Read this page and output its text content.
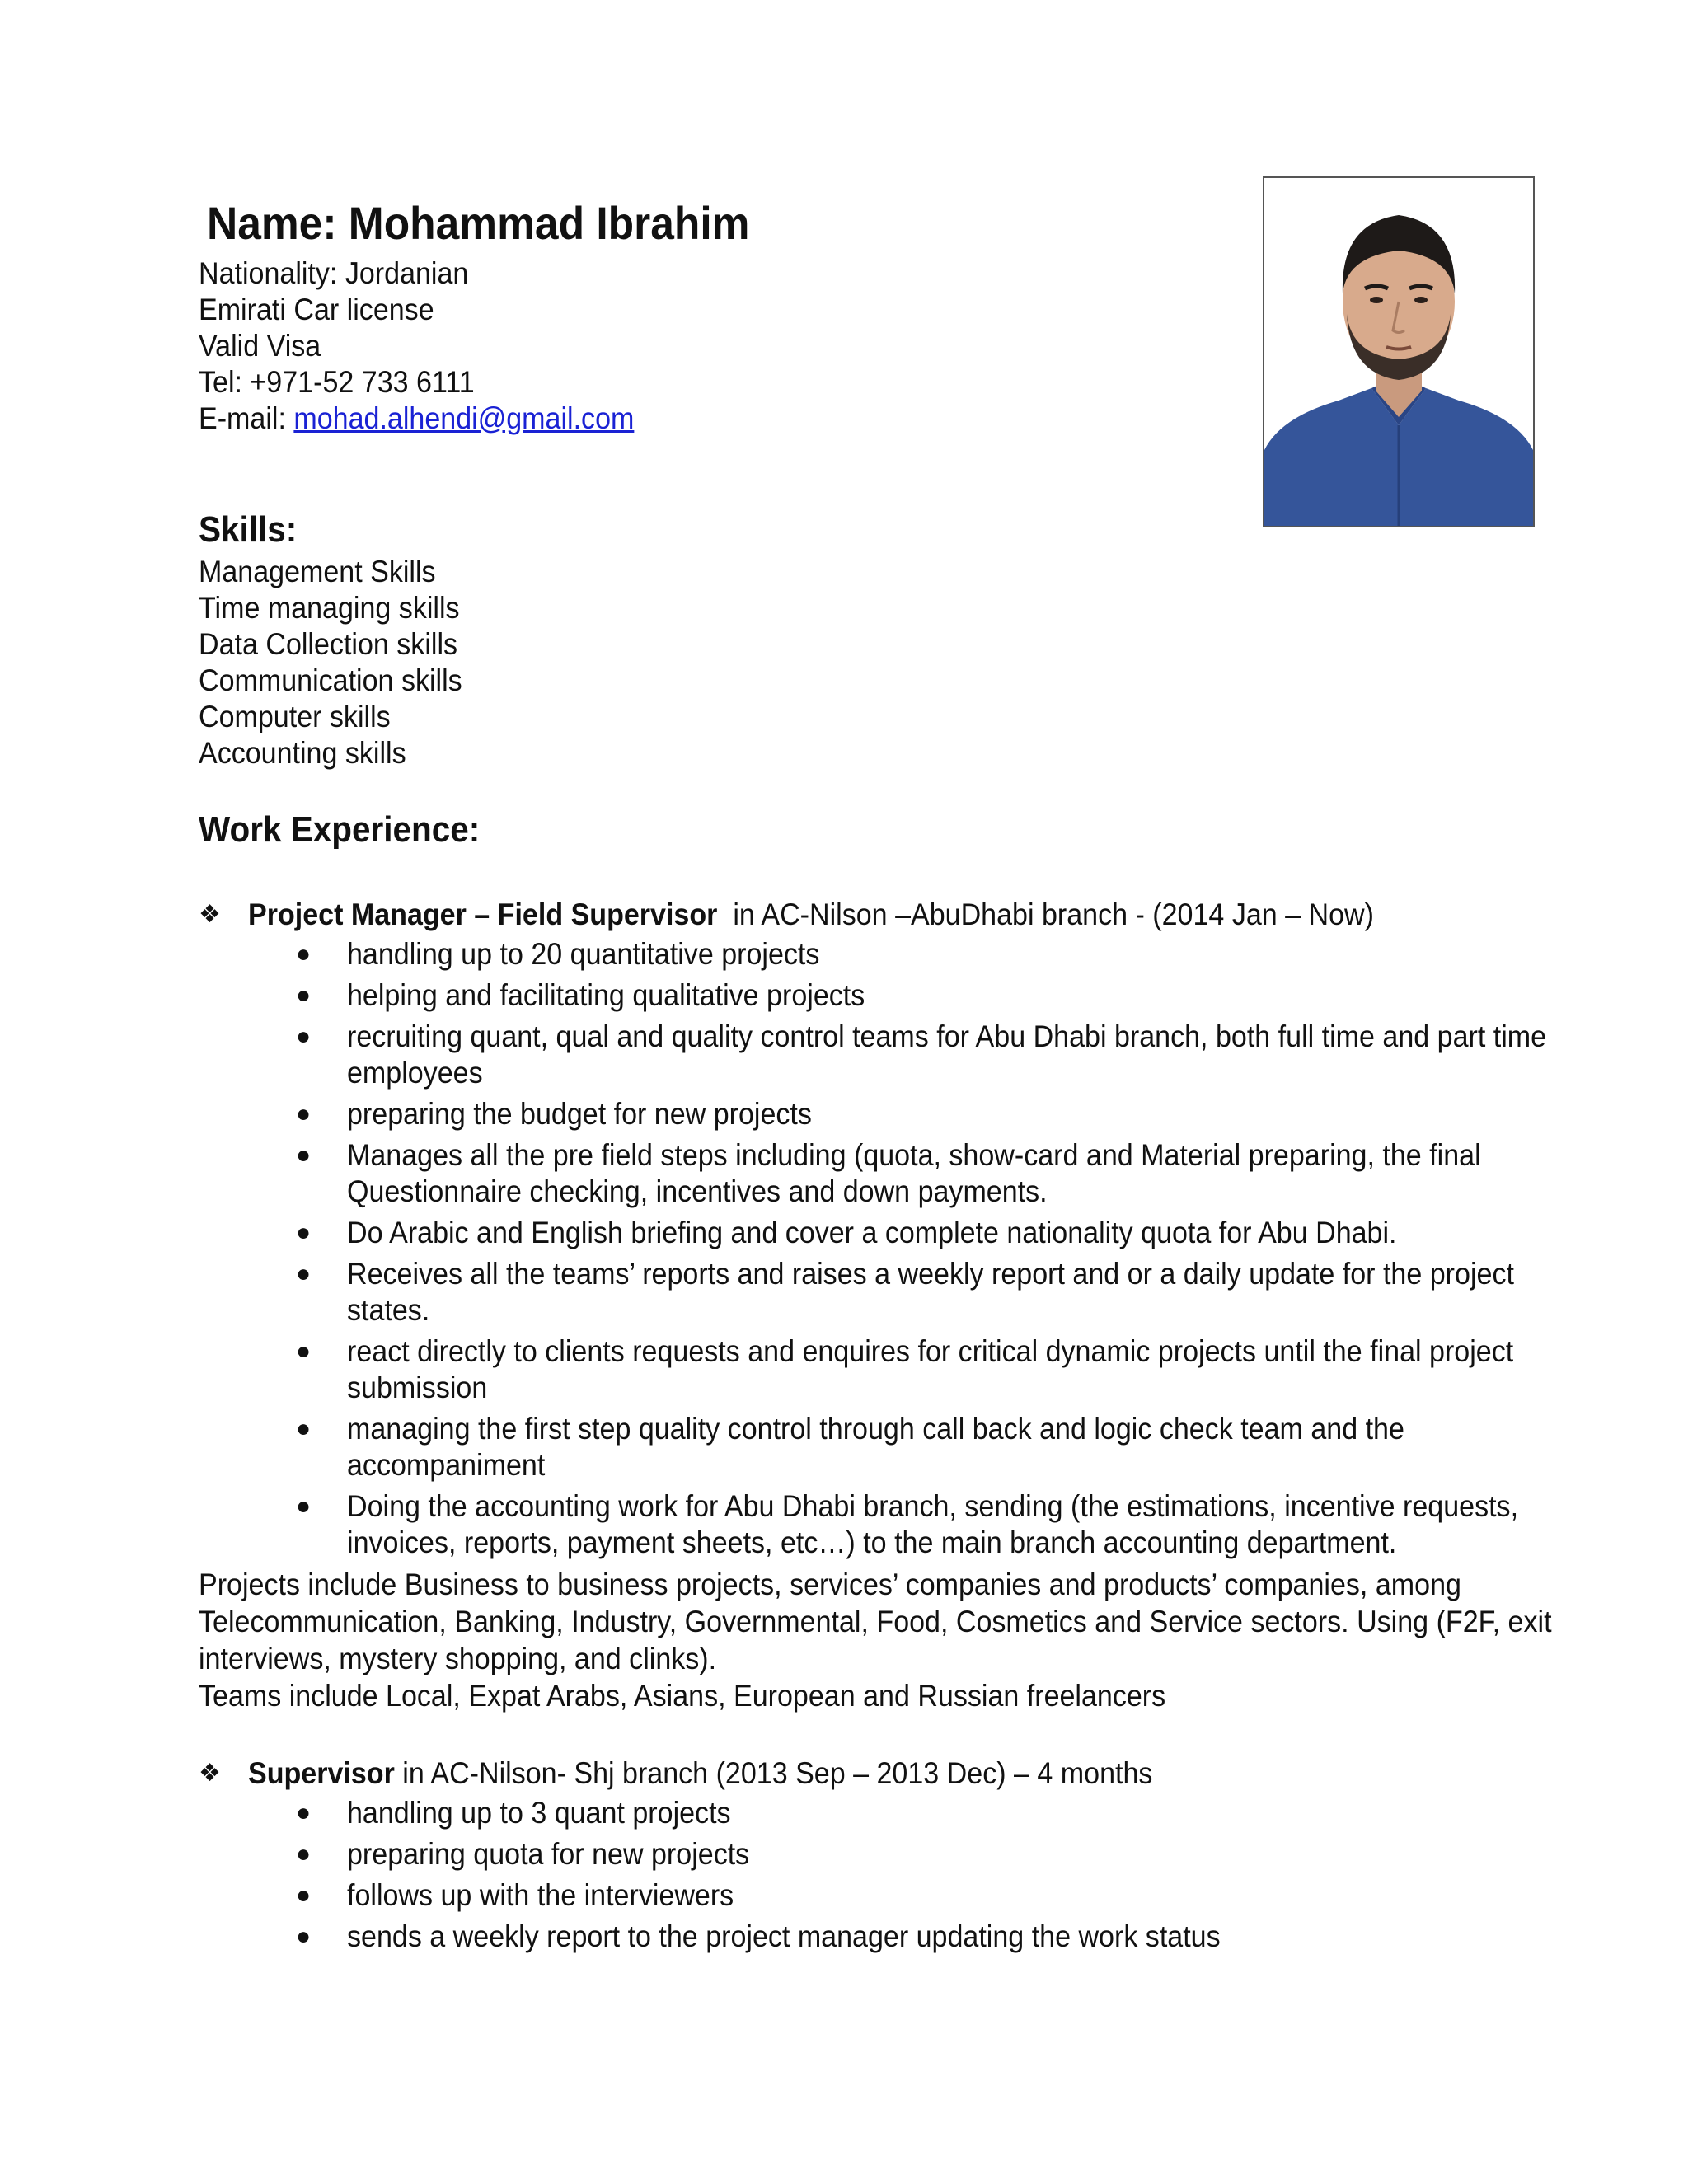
Name: Mohammad Ibrahim
Nationality: Jordanian
Emirati Car license
Valid Visa
Tel: +971-52 733 6111
E-mail: mohad.alhendi@gmail.com
Skills:
Management Skills
Time managing skills
Data Collection skills
Communication skills
Computer skills
Accounting skills
Work Experience:
❖ Project Manager – Field Supervisor  in AC-Nilson –AbuDhabi branch - (2014 Jan – Now)
● handling up to 20 quantitative projects
● helping and facilitating qualitative projects
● recruiting quant, qual and quality control teams for Abu Dhabi branch, both full time and part time employees
● preparing the budget for new projects
● Manages all the pre field steps including (quota, show-card and Material preparing, the final Questionnaire checking, incentives and down payments.
● Do Arabic and English briefing and cover a complete nationality quota for Abu Dhabi.
● Receives all the teams’ reports and raises a weekly report and or a daily update for the project states.
● react directly to clients requests and enquires for critical dynamic projects until the final project submission
● managing the first step quality control through call back and logic check team and the accompaniment
● Doing the accounting work for Abu Dhabi branch, sending (the estimations, incentive requests, invoices, reports, payment sheets, etc…) to the main branch accounting department.
Projects include Business to business projects, services’ companies and products’ companies, among Telecommunication, Banking, Industry, Governmental, Food, Cosmetics and Service sectors. Using (F2F, exit interviews, mystery shopping, and clinks).
Teams include Local, Expat Arabs, Asians, European and Russian freelancers
❖ Supervisor in AC-Nilson- Shj branch (2013 Sep – 2013 Dec) – 4 months
● handling up to 3 quant projects
● preparing quota for new projects
● follows up with the interviewers
● sends a weekly report to the project manager updating the work status
